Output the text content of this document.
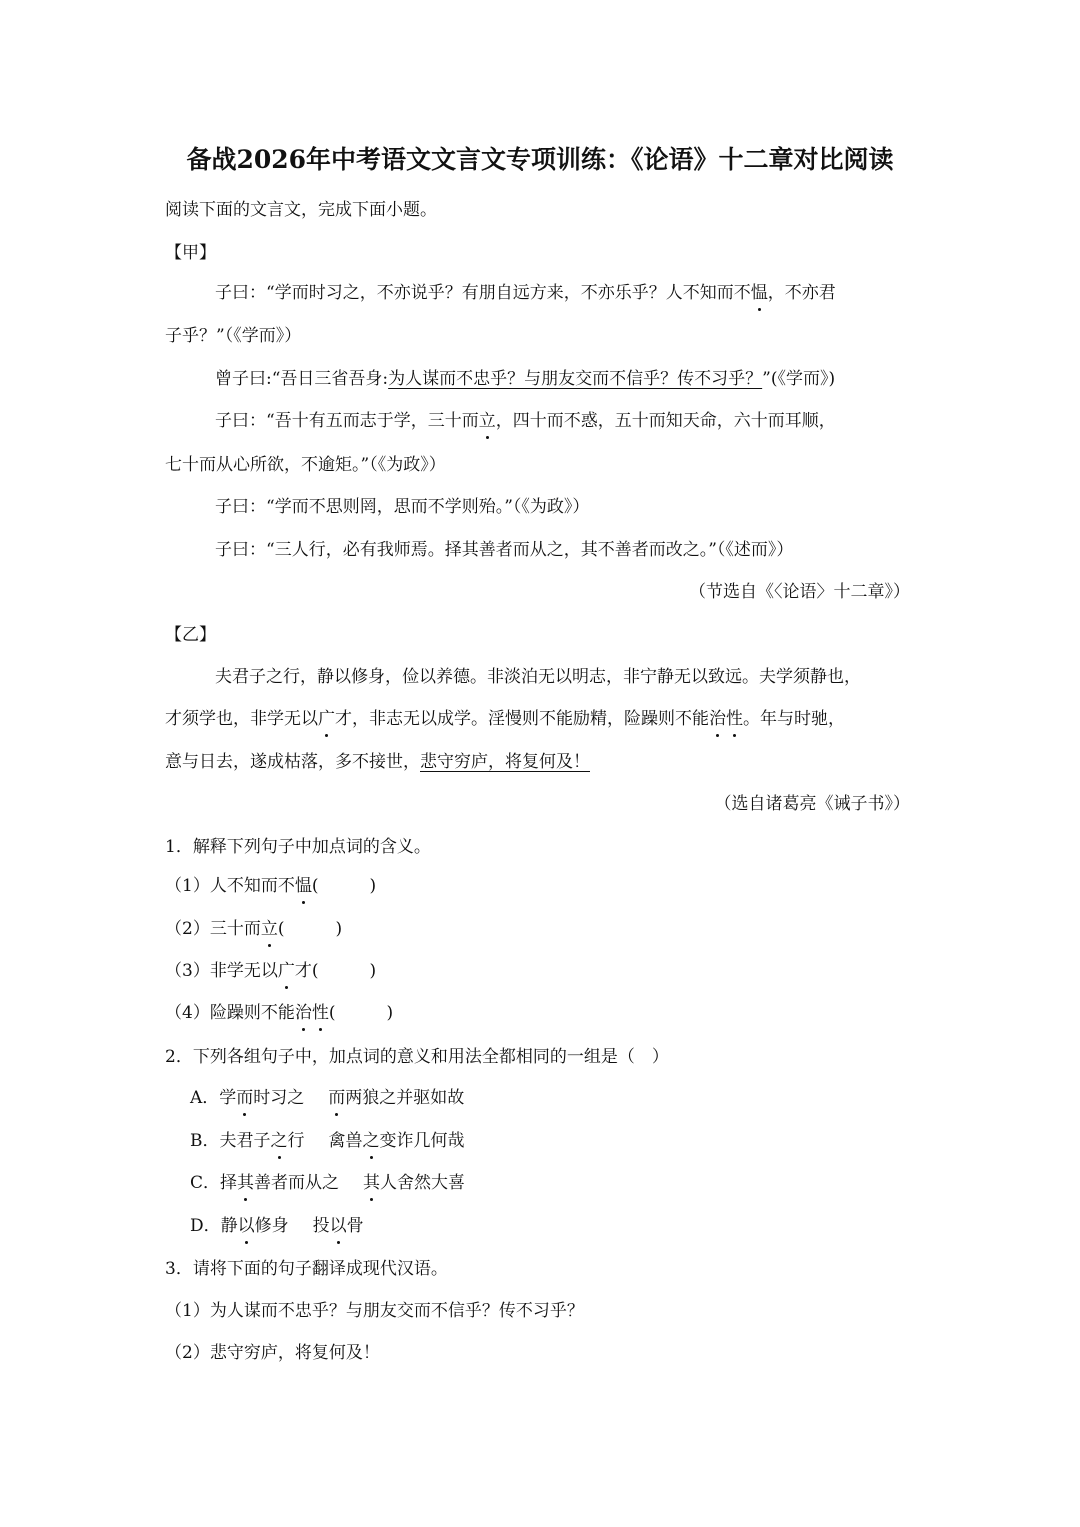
备战2026年中考语文文言文专项训练：《论语》十二章对比阅读
阅读下面的文言文，完成下面小题。
【甲】
子曰：“学而时习之，不亦说乎？有朋自远方来，不亦乐乎？人不知而不愠，不亦君
子乎？”（《学而》）
曾子曰:“吾日三省吾身:为人谋而不忠乎？与朋友交而不信乎？传不习乎？”(《学而》)
子曰：“吾十有五而志于学，三十而立，四十而不惑，五十而知天命，六十而耳顺，
七十而从心所欲，不逾矩。”（《为政》）
子曰：“学而不思则罔，思而不学则殆。”（《为政》）
子曰：“三人行，必有我师焉。择其善者而从之，其不善者而改之。”（《述而》）
（节选自《〈论语〉十二章》）
【乙】
夫君子之行，静以修身，俭以养德。非淡泊无以明志，非宁静无以致远。夫学须静也，
才须学也，非学无以广才，非志无以成学。淫慢则不能励精，险躁则不能治性。年与时驰，
意与日去，遂成枯落，多不接世，悲守穷庐，将复何及！
（选自诸葛亮《诫子书》）
1．解释下列句子中加点词的含义。
（1）人不知而不愠(　　　)
（2）三十而立(　　　)
（3）非学无以广才(　　　)
（4）险躁则不能治性(　　　)
2．下列各组句子中，加点词的意义和用法全都相同的一组是（　）
A．学而时习之 而两狼之并驱如故
B．夫君子之行 禽兽之变诈几何哉
C．择其善者而从之 其人舍然大喜
D．静以修身 投以骨
3．请将下面的句子翻译成现代汉语。
（1）为人谋而不忠乎？与朋友交而不信乎？传不习乎？
（2）悲守穷庐，将复何及！
